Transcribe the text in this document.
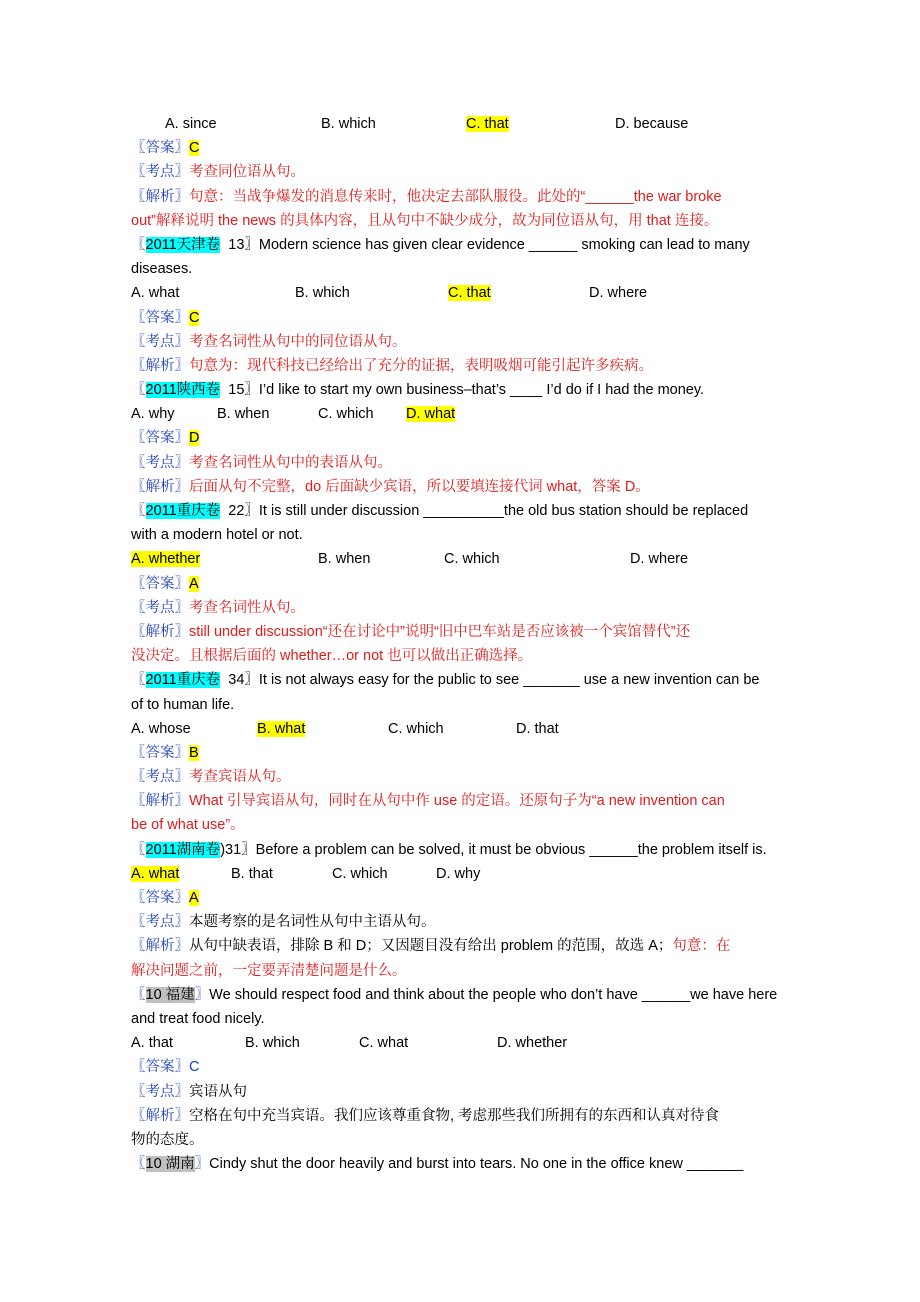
A. since	B. which	C. that	D. because
〖答案〗C
〖考点〗考查同位语从句。
〖解析〗句意：当战争爆发的消息传来时，他决定去部队服役。此处的“______the war broke
out”解释说明 the news 的具体内容，且从句中不缺少成分，故为同位语从句，用 that 连接。
〖2011天津卷 13〗Modern science has given clear evidence ______ smoking can lead to many
diseases.
A. what	B. which	C. that	D. where
〖答案〗C
〖考点〗考查名词性从句中的同位语从句。
〖解析〗句意为：现代科技已经给出了充分的证据，表明吸烟可能引起许多疾病。
〖2011陕西卷 15〗I’d like to start my own business–that’s ____ I’d do if I had the money.
A. why	B. when	C. which D. what
〖答案〗D
〖考点〗考查名词性从句中的表语从句。
〖解析〗后面从句不完整，do 后面缺少宾语，所以要填连接代词 what，答案 D。
〖2011重庆卷 22〗It is still under discussion __________the old bus station should be replaced
with a modern hotel or not.
A. whether	B. when	C. which	D. where
〖答案〗A
〖考点〗考查名词性从句。
〖解析〗still under discussion“还在讨论中”说明“旧中巴车站是否应该被一个宾馆替代”还
没决定。且根据后面的 whether…or not 也可以做出正确选择。
〖2011重庆卷 34〗It is not always easy for the public to see _______ use a new invention can be
of to human life.
A. whose	B. what	C. which	D. that
〖答案〗B
〖考点〗考查宾语从句。
〖解析〗What 引导宾语从句，同时在从句中作 use 的定语。还原句子为“a new invention can
be of what use”。
〖2011湖南卷)31〗Before a problem can be solved, it must be obvious ______the problem itself is.
A. what	B. that	C. which	D. why
〖答案〗A
〖考点〗本题考察的是名词性从句中主语从句。
〖解析〗从句中缺表语，排除 B 和 D；又因题目没有给出 problem 的范围，故选 A；句意：在
解决问题之前，一定要弄清楚问题是什么。
〖10 福建〗We should respect food and think about the people who don’t have ______we have here
and treat food nicely.
A. that	B. which	C. what	D. whether
〖答案〗C
〖考点〗宾语从句
〖解析〗空格在句中充当宾语。我们应该尊重食物, 考虑那些我们所拥有的东西和认真对待食
物的态度。
〖10 湖南〗Cindy shut the door heavily and burst into tears. No one in the office knew _______
